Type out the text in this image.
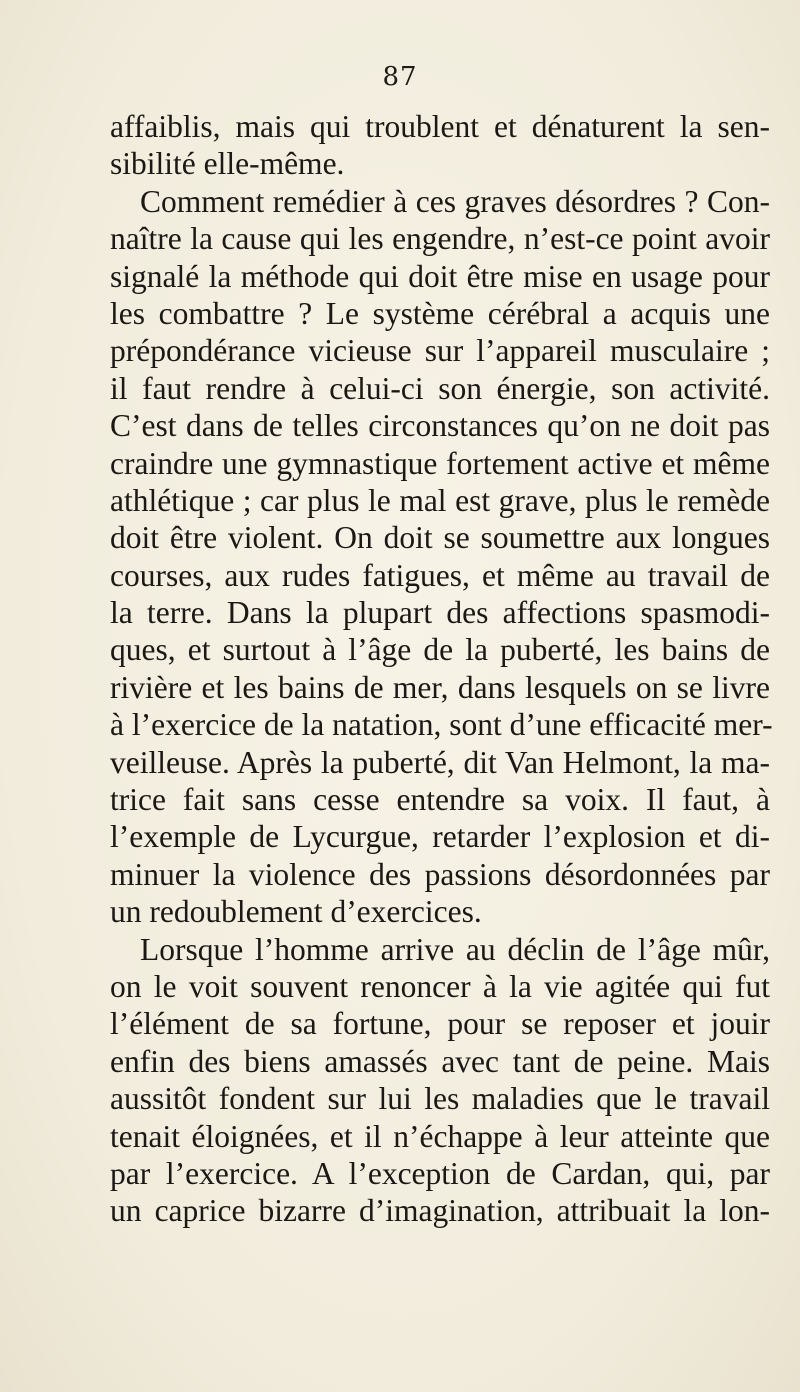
87
affaiblis, mais qui troublent et dénaturent la sen-
sibilité elle-même.
Comment remédier à ces graves désordres ? Con-
naître la cause qui les engendre, n’est-ce point avoir
signalé la méthode qui doit être mise en usage pour
les combattre ? Le système cérébral a acquis une
prépondérance vicieuse sur l’appareil musculaire ;
il faut rendre à celui-ci son énergie, son activité.
C’est dans de telles circonstances qu’on ne doit pas
craindre une gymnastique fortement active et même
athlétique ; car plus le mal est grave, plus le remède
doit être violent. On doit se soumettre aux longues
courses, aux rudes fatigues, et même au travail de
la terre. Dans la plupart des affections spasmodi-
ques, et surtout à l’âge de la puberté, les bains de
rivière et les bains de mer, dans lesquels on se livre
à l’exercice de la natation, sont d’une efficacité mer-
veilleuse. Après la puberté, dit Van Helmont, la ma-
trice fait sans cesse entendre sa voix. Il faut, à
l’exemple de Lycurgue, retarder l’explosion et di-
minuer la violence des passions désordonnées par
un redoublement d’exercices.
Lorsque l’homme arrive au déclin de l’âge mûr,
on le voit souvent renoncer à la vie agitée qui fut
l’élément de sa fortune, pour se reposer et jouir
enfin des biens amassés avec tant de peine. Mais
aussitôt fondent sur lui les maladies que le travail
tenait éloignées, et il n’échappe à leur atteinte que
par l’exercice. A l’exception de Cardan, qui, par
un caprice bizarre d’imagination, attribuait la lon-
